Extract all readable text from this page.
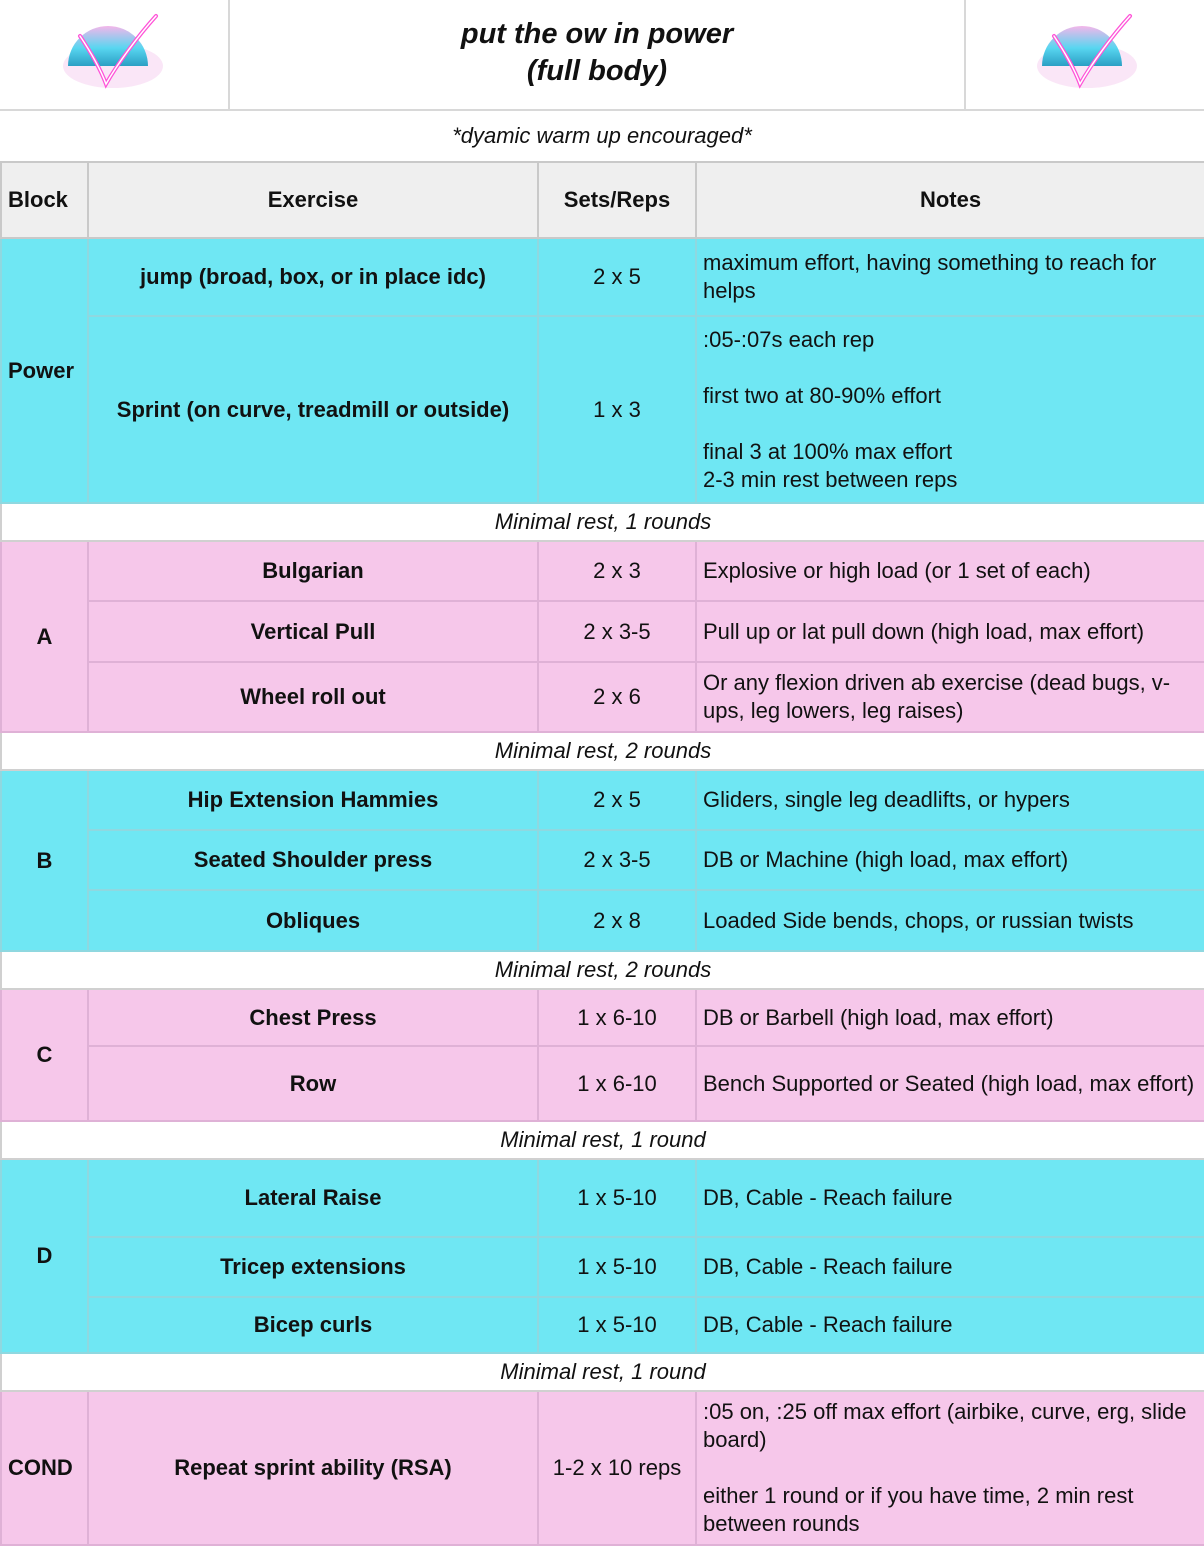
put the ow in power
(full body)
*dyamic warm up encouraged*
Block	Exercise	Sets/Reps	Notes
Power	jump (broad, box, or in place idc)	2 x 5	maximum effort, having something to reach for helps
	Sprint (on curve, treadmill or outside)	1 x 3	:05-:07s each rep
first two at 80-90% effort
final 3 at 100% max effort
2-3 min rest between reps

Minimal rest, 1 rounds			
A	Bulgarian	2 x 3	Explosive or high load (or 1 set of each)
	Vertical Pull	2 x 3-5	Pull up or lat pull down (high load, max effort)
	Wheel roll out	2 x 6	Or any flexion driven ab exercise (dead bugs, v-ups, leg lowers, leg raises)
Minimal rest, 2 rounds			
B	Hip Extension Hammies	2 x 5	Gliders, single leg deadlifts, or hypers
	Seated Shoulder press	2 x 3-5	DB or Machine (high load, max effort)
	Obliques	2 x 8	Loaded Side bends, chops, or russian twists
Minimal rest, 2 rounds			
C	Chest Press	1 x 6-10	DB or Barbell (high load, max effort)
	Row	1 x 6-10	Bench Supported or Seated (high load, max effort)
Minimal rest, 1 round			
D	Lateral Raise	1 x 5-10	DB, Cable - Reach failure
	Tricep extensions	1 x 5-10	DB, Cable - Reach failure
	Bicep curls	1 x 5-10	DB, Cable - Reach failure
Minimal rest, 1 round			
COND	Repeat sprint ability (RSA)	1-2 x 10 reps	:05 on, :25 off max effort (airbike, curve, erg, slide board)
either 1 round or if you have time, 2 min rest between rounds
